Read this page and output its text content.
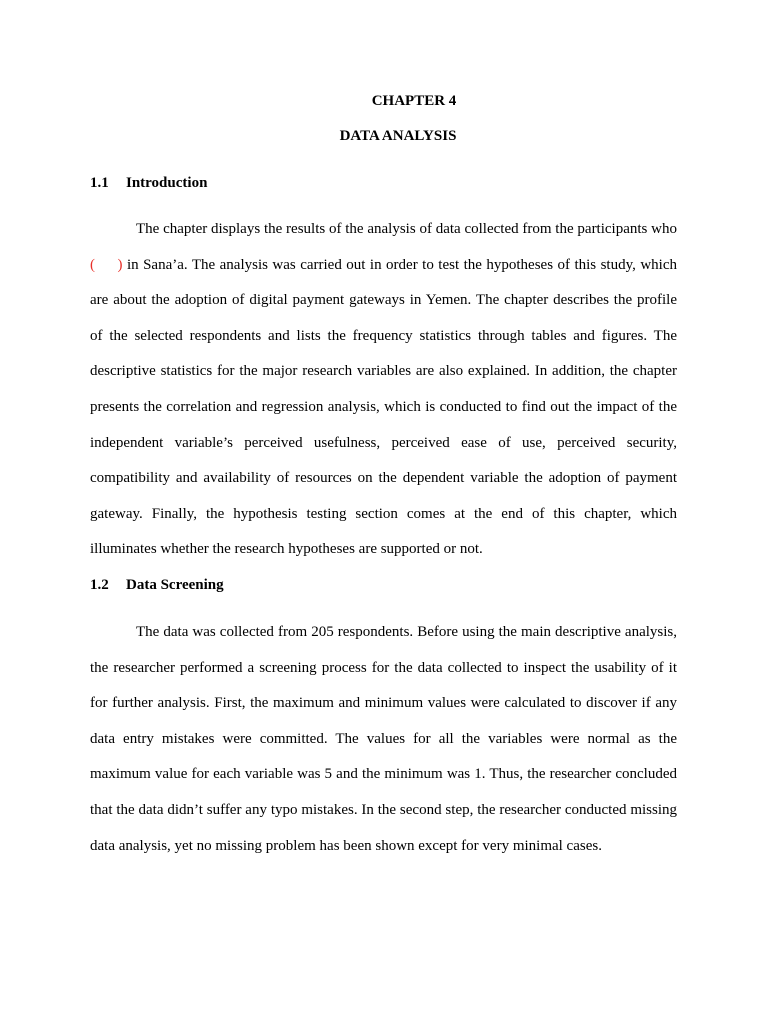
CHAPTER 4
DATA ANALYSIS
1.1 Introduction

The chapter displays the results of the analysis of data collected from the participants who (   ) in Sana’a. The analysis was carried out in order to test the hypotheses of this study, which are about the adoption of digital payment gateways in Yemen. The chapter describes the profile of the selected respondents and lists the frequency statistics through tables and figures. The descriptive statistics for the major research variables are also explained. In addition, the chapter presents the correlation and regression analysis, which is conducted to find out the impact of the independent variable’s perceived usefulness, perceived ease of use, perceived security, compatibility and availability of resources on the dependent variable the adoption of payment gateway. Finally, the hypothesis testing section comes at the end of this chapter, which illuminates whether the research hypotheses are supported or not.

1.2 Data Screening

The data was collected from 205 respondents. Before using the main descriptive analysis, the researcher performed a screening process for the data collected to inspect the usability of it for further analysis. First, the maximum and minimum values were calculated to discover if any data entry mistakes were committed. The values for all the variables were normal as the maximum value for each variable was 5 and the minimum was 1. Thus, the researcher concluded that the data didn’t suffer any typo mistakes. In the second step, the researcher conducted missing data analysis, yet no missing problem has been shown except for very minimal cases.
